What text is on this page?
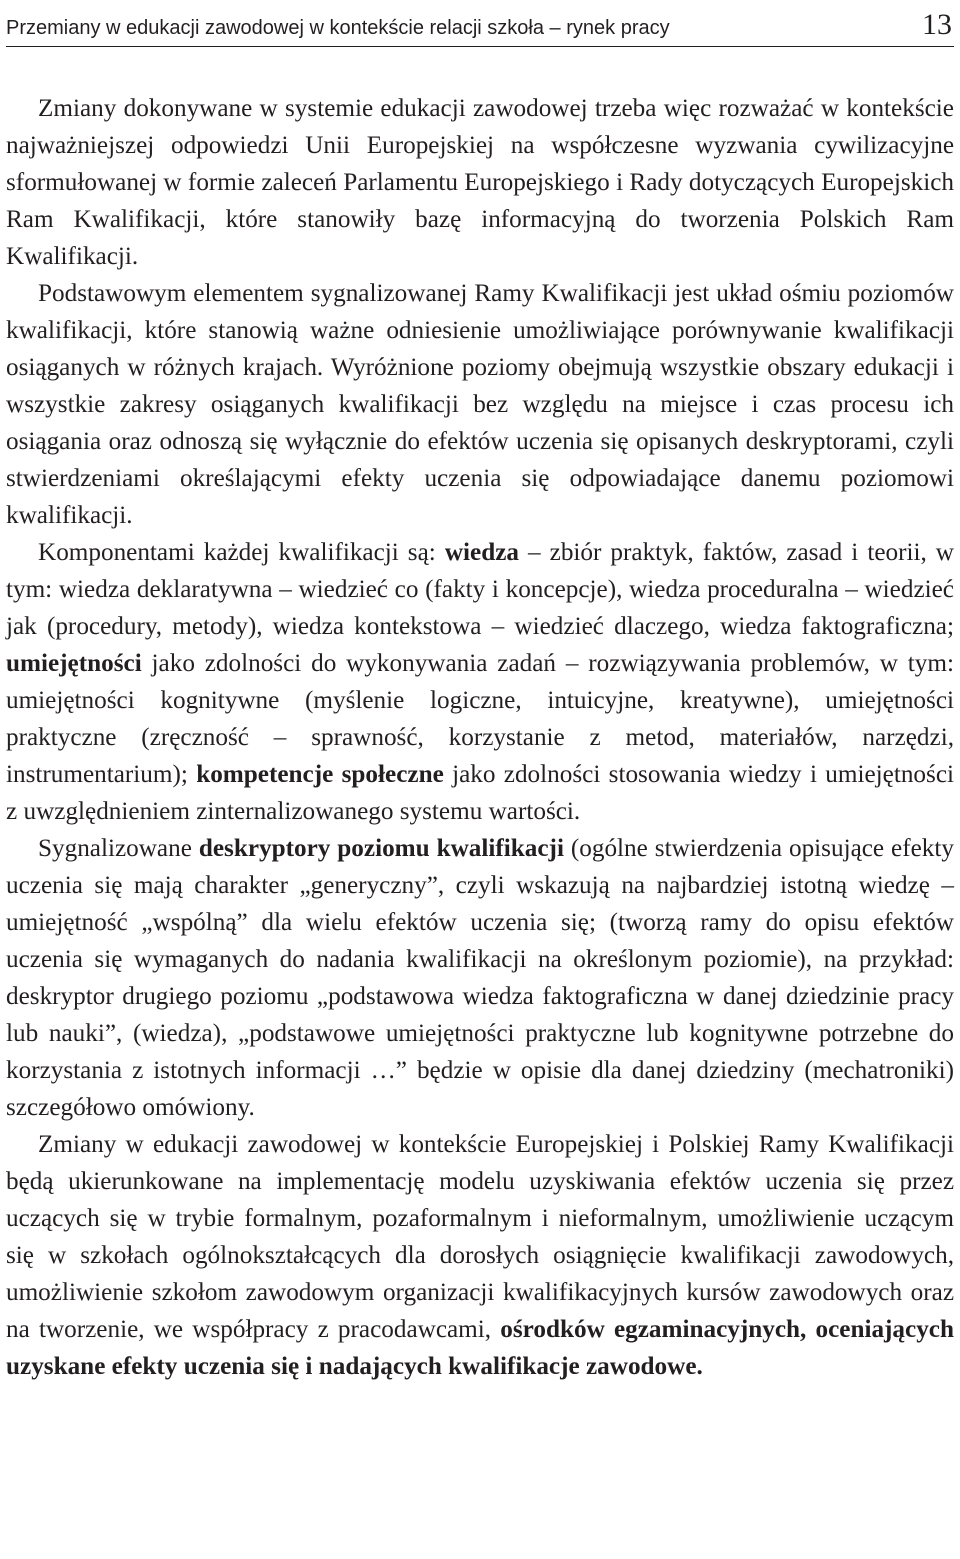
Przemiany w edukacji zawodowej w kontekście relacji szkoła – rynek pracy	13

Zmiany dokonywane w systemie edukacji zawodowej trzeba więc rozważać w kontekście najważniejszej odpowiedzi Unii Europejskiej na współczesne wyzwania cywilizacyjne sformułowanej w formie zaleceń Parlamentu Europejskiego i Rady dotyczących Europejskich Ram Kwalifikacji, które stanowiły bazę informacyjną do tworzenia Polskich Ram Kwalifikacji.

Podstawowym elementem sygnalizowanej Ramy Kwalifikacji jest układ ośmiu poziomów kwalifikacji, które stanowią ważne odniesienie umożliwiające porównywanie kwalifikacji osiąganych w różnych krajach. Wyróżnione poziomy obejmują wszystkie obszary edukacji i wszystkie zakresy osiąganych kwalifikacji bez względu na miejsce i czas procesu ich osiągania oraz odnoszą się wyłącznie do efektów uczenia się opisanych deskryptorami, czyli stwierdzeniami określającymi efekty uczenia się odpowiadające danemu poziomowi kwalifikacji.

Komponentami każdej kwalifikacji są: wiedza – zbiór praktyk, faktów, zasad i teorii, w tym: wiedza deklaratywna – wiedzieć co (fakty i koncepcje), wiedza proceduralna – wiedzieć jak (procedury, metody), wiedza kontekstowa – wiedzieć dlaczego, wiedza faktograficzna; umiejętności jako zdolności do wykonywania zadań – rozwiązywania problemów, w tym: umiejętności kognitywne (myślenie logiczne, intuicyjne, kreatywne), umiejętności praktyczne (zręczność – sprawność, korzystanie z metod, materiałów, narzędzi, instrumentarium); kompetencje społeczne jako zdolności stosowania wiedzy i umiejętności z uwzględnieniem zinternalizowanego systemu wartości.

Sygnalizowane deskryptory poziomu kwalifikacji (ogólne stwierdzenia opisujące efekty uczenia się mają charakter „generyczny”, czyli wskazują na najbardziej istotną wiedzę – umiejętność „wspólną” dla wielu efektów uczenia się; (tworzą ramy do opisu efektów uczenia się wymaganych do nadania kwalifikacji na określonym poziomie), na przykład: deskryptor drugiego poziomu „podstawowa wiedza faktograficzna w danej dziedzinie pracy lub nauki”, (wiedza), „podstawowe umiejętności praktyczne lub kognitywne potrzebne do korzystania z istotnych informacji …” będzie w opisie dla danej dziedziny (mechatroniki) szczegółowo omówiony.

Zmiany w edukacji zawodowej w kontekście Europejskiej i Polskiej Ramy Kwalifikacji będą ukierunkowane na implementację modelu uzyskiwania efektów uczenia się przez uczących się w trybie formalnym, pozaformalnym i nieformalnym, umożliwienie uczącym się w szkołach ogólnokształcących dla dorosłych osiągnięcie kwalifikacji zawodowych, umożliwienie szkołom zawodowym organizacji kwalifikacyjnych kursów zawodowych oraz na tworzenie, we współpracy z pracodawcami, ośrodków egzaminacyjnych, oceniających uzyskane efekty uczenia się i nadających kwalifikacje zawodowe.
